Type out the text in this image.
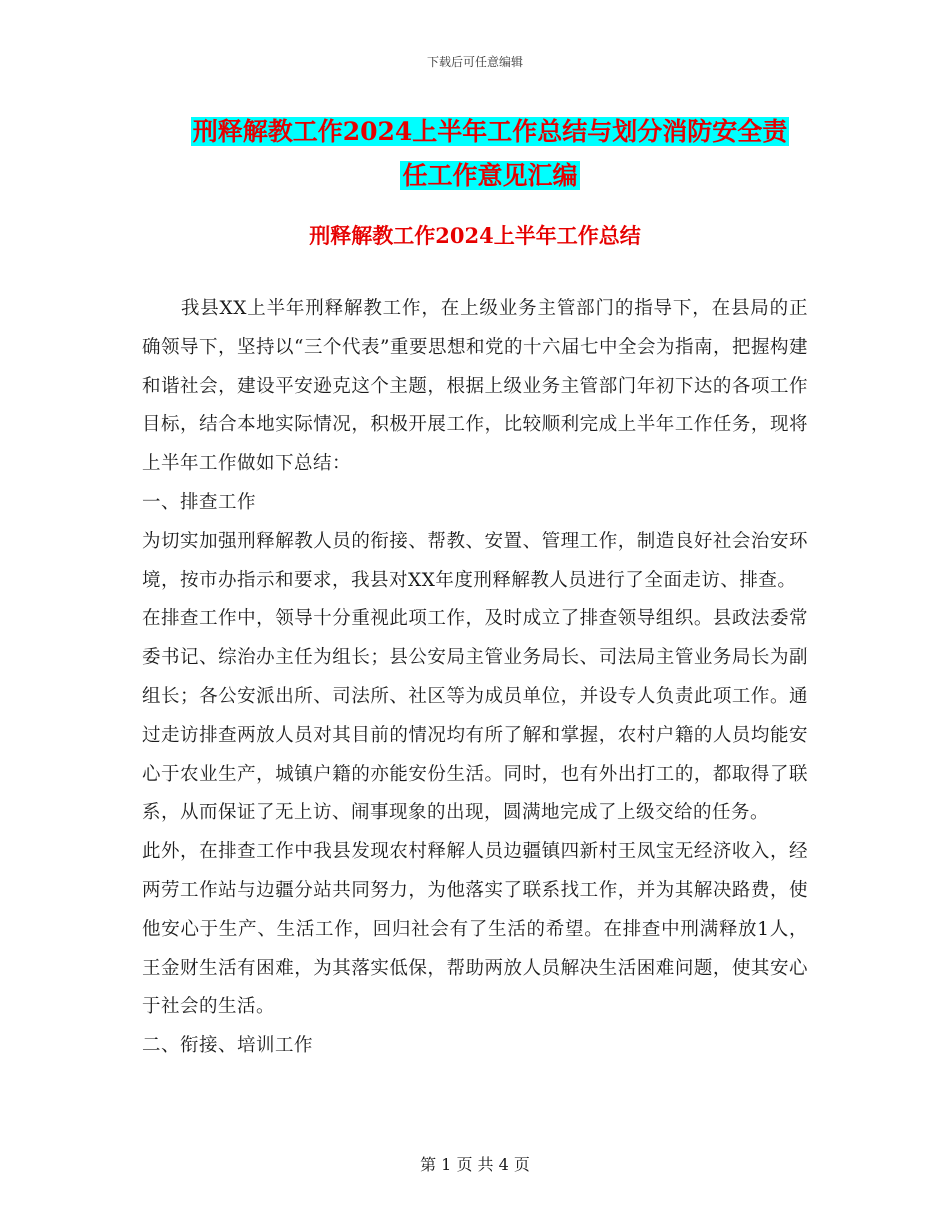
下载后可任意编辑
刑释解教工作2024上半年工作总结与划分消防安全责
任工作意见汇编
刑释解教工作2024上半年工作总结

我县XX上半年刑释解教工作，在上级业务主管部门的指导下，在县局的正确领导下，坚持以“三个代表”重要思想和党的十六届七中全会为指南，把握构建和谐社会，建设平安逊克这个主题，根据上级业务主管部门年初下达的各项工作目标，结合本地实际情况，积极开展工作，比较顺利完成上半年工作任务，现将上半年工作做如下总结：

一、排查工作

为切实加强刑释解教人员的衔接、帮教、安置、管理工作，制造良好社会治安环境，按市办指示和要求，我县对XX年度刑释解教人员进行了全面走访、排查。

在排查工作中，领导十分重视此项工作，及时成立了排查领导组织。县政法委常委书记、综治办主任为组长；县公安局主管业务局长、司法局主管业务局长为副组长；各公安派出所、司法所、社区等为成员单位，并设专人负责此项工作。通过走访排查两放人员对其目前的情况均有所了解和掌握，农村户籍的人员均能安心于农业生产，城镇户籍的亦能安份生活。同时，也有外出打工的，都取得了联系，从而保证了无上访、闹事现象的出现，圆满地完成了上级交给的任务。

此外，在排查工作中我县发现农村释解人员边疆镇四新村王凤宝无经济收入，经两劳工作站与边疆分站共同努力，为他落实了联系找工作，并为其解决路费，使他安心于生产、生活工作，回归社会有了生活的希望。在排查中刑满释放1人，王金财生活有困难，为其落实低保，帮助两放人员解决生活困难问题，使其安心于社会的生活。

二、衔接、培训工作

第 1 页 共 4 页
